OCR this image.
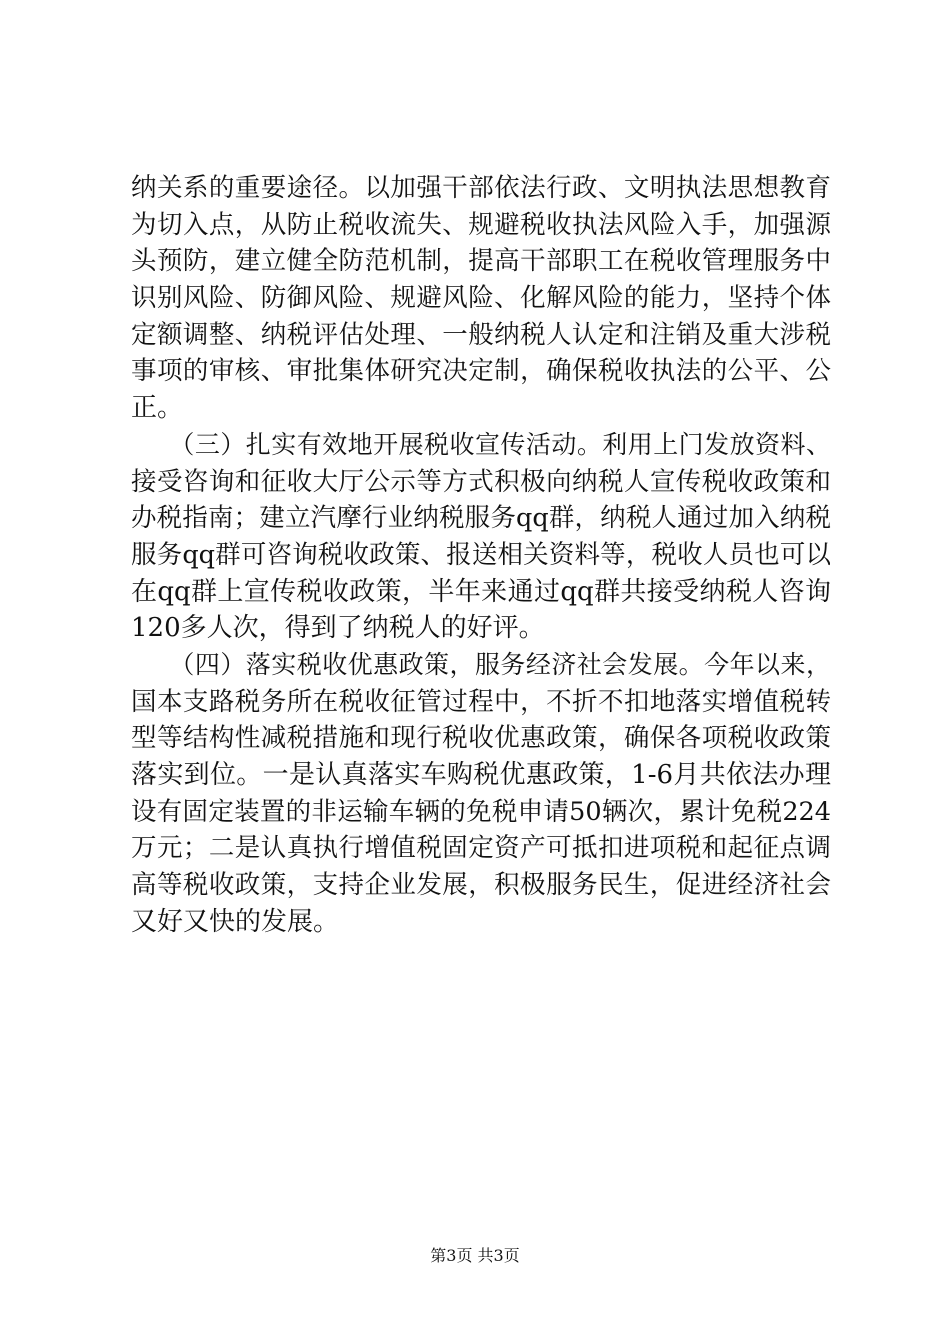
纳关系的重要途径。以加强干部依法行政、文明执法思想教育
为切入点，从防止税收流失、规避税收执法风险入手，加强源
头预防，建立健全防范机制，提高干部职工在税收管理服务中
识别风险、防御风险、规避风险、化解风险的能力，坚持个体
定额调整、纳税评估处理、一般纳税人认定和注销及重大涉税
事项的审核、审批集体研究决定制，确保税收执法的公平、公
正。
　　（三）扎实有效地开展税收宣传活动。利用上门发放资料、
接受咨询和征收大厅公示等方式积极向纳税人宣传税收政策和
办税指南；建立汽摩行业纳税服务qq群，纳税人通过加入纳税
服务qq群可咨询税收政策、报送相关资料等，税收人员也可以
在qq群上宣传税收政策，半年来通过qq群共接受纳税人咨询
120多人次，得到了纳税人的好评。
　　（四）落实税收优惠政策，服务经济社会发展。今年以来，
国本支路税务所在税收征管过程中，不折不扣地落实增值税转
型等结构性减税措施和现行税收优惠政策，确保各项税收政策
落实到位。一是认真落实车购税优惠政策，1-6月共依法办理
设有固定装置的非运输车辆的免税申请50辆次，累计免税224
万元；二是认真执行增值税固定资产可抵扣进项税和起征点调
高等税收政策，支持企业发展，积极服务民生，促进经济社会
又好又快的发展。
第3页 共3页
